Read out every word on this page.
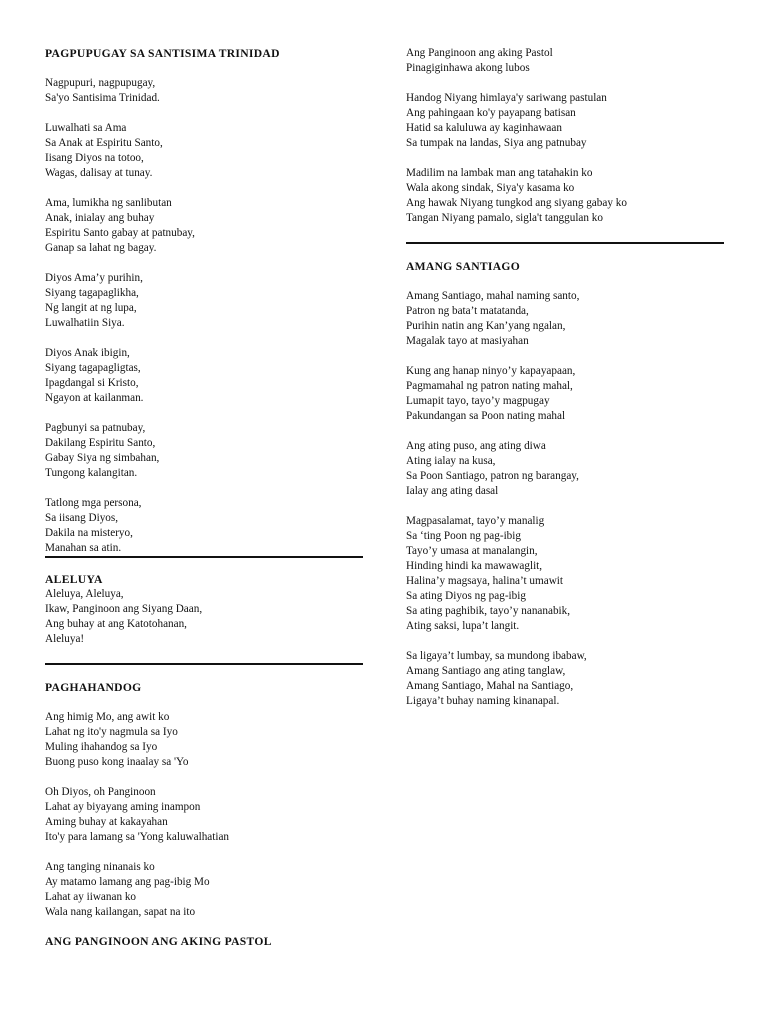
PAGPUPUGAY SA SANTISIMA TRINIDAD
Nagpupuri, nagpupugay,
Sa'yo Santisima Trinidad.
Luwalhati sa Ama
Sa Anak at Espiritu Santo,
Iisang Diyos na totoo,
Wagas, dalisay at tunay.
Ama, lumikha ng sanlibutan
Anak, inialay ang buhay
Espiritu Santo gabay at patnubay,
Ganap sa lahat ng bagay.
Diyos Ama’y purihin,
Siyang tagapaglikha,
Ng langit at ng lupa,
Luwalhatiin Siya.
Diyos Anak ibigin,
Siyang tagapagligtas,
Ipagdangal si Kristo,
Ngayon at kailanman.
Pagbunyi sa patnubay,
Dakilang Espiritu Santo,
Gabay Siya ng simbahan,
Tungong kalangitan.
Tatlong mga persona,
Sa iisang Diyos,
Dakila na misteryo,
Manahan sa atin.
ALELUYA
Aleluya, Aleluya,
Ikaw, Panginoon ang Siyang Daan,
Ang buhay at ang Katotohanan,
Aleluya!
PAGHAHANDOG
Ang himig Mo, ang awit ko
Lahat ng ito'y nagmula sa Iyo
Muling ihahandog sa Iyo
Buong puso kong inaalay sa 'Yo
Oh Diyos, oh Panginoon
Lahat ay biyayang aming inampon
Aming buhay at kakayahan
Ito'y para lamang sa 'Yong kaluwalhatian
Ang tanging ninanais ko
Ay matamo lamang ang pag-ibig Mo
Lahat ay iiwanan ko
Wala nang kailangan, sapat na ito
ANG PANGINOON ANG AKING PASTOL
Ang Panginoon ang aking Pastol
Pinagiginhawa akong lubos
Handog Niyang himlaya'y sariwang pastulan
Ang pahingaan ko'y payapang batisan
Hatid sa kaluluwa ay kaginhawaan
Sa tumpak na landas, Siya ang patnubay
Madilim na lambak man ang tatahakin ko
Wala akong sindak, Siya'y kasama ko
Ang hawak Niyang tungkod ang siyang gabay ko
Tangan Niyang pamalo, sigla't tanggulan ko
AMANG SANTIAGO
Amang Santiago, mahal naming santo,
Patron ng bata’t matatanda,
Purihin natin ang Kan’yang ngalan,
Magalak tayo at masiyahan
Kung ang hanap ninyo’y kapayapaan,
Pagmamahal ng patron nating mahal,
Lumapit tayo, tayo’y magpugay
Pakundangan sa Poon nating mahal
Ang ating puso, ang ating diwa
Ating ialay na kusa,
Sa Poon Santiago, patron ng barangay,
Ialay ang ating dasal
Magpasalamat, tayo’y manalig
Sa ‘ting Poon ng pag-ibig
Tayo’y umasa at manalangin,
Hinding hindi ka mawawaglit,
Halina’y magsaya, halina’t umawit
Sa ating Diyos ng pag-ibig
Sa ating paghibik, tayo’y nananabik,
Ating saksi, lupa’t langit.
Sa ligaya’t lumbay, sa mundong ibabaw,
Amang Santiago ang ating tanglaw,
Amang Santiago, Mahal na Santiago,
Ligaya’t buhay naming kinanapal.
